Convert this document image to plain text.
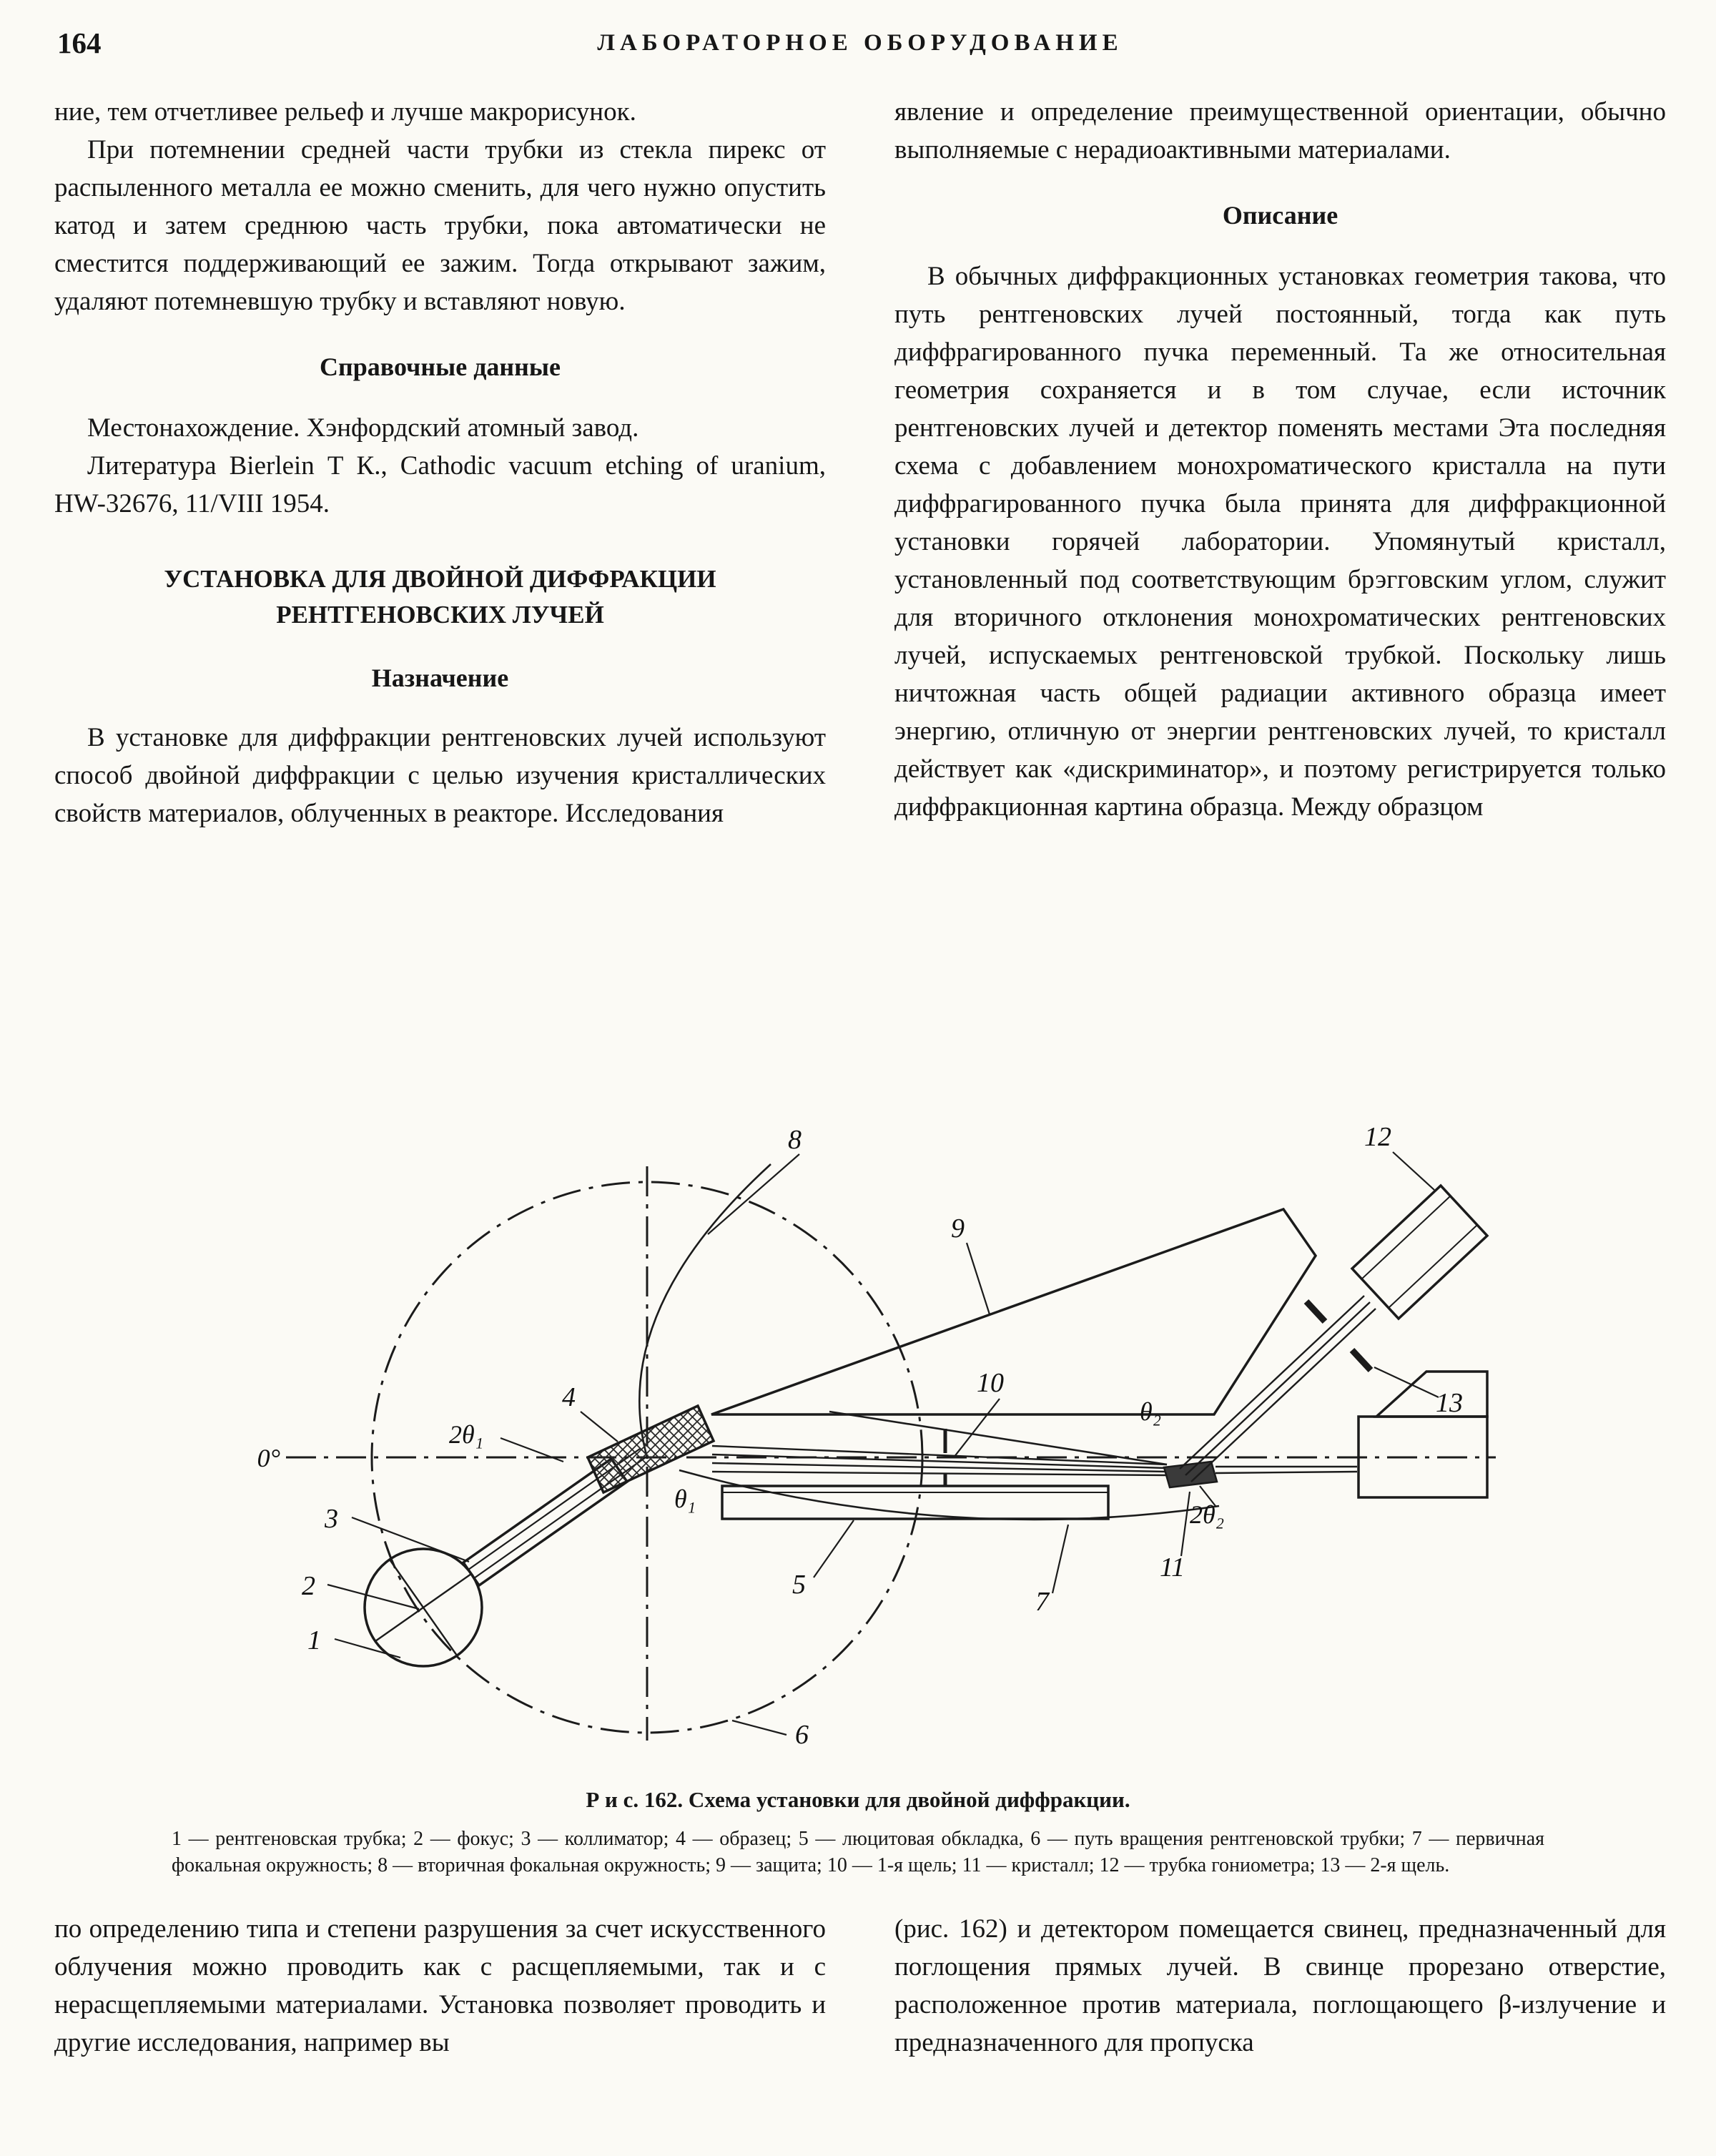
164	ЛАБОРАТОРНОЕ ОБОРУДОВАНИЕ

ние, тем отчетливее рельеф и лучше макрорисунок.

При потемнении средней части трубки из стекла пирекс от распыленного металла ее можно сменить, для чего нужно опустить катод и затем среднюю часть трубки, пока автоматически не сместится поддерживающий ее зажим. Тогда открывают зажим, удаляют потемневшую трубку и вставляют новую.

Справочные данные

Местонахождение. Хэнфордский атомный завод.

Литература Bierlein Т К., Cathodic vacuum etching of uranium, HW-32676, 11/VIII 1954.

УСТАНОВКА ДЛЯ ДВОЙНОЙ ДИФФРАКЦИИ
РЕНТГЕНОВСКИХ ЛУЧЕЙ
Назначение

В установке для диффракции рентгеновских лучей используют способ двойной диффракции с целью изучения кристаллических свойств материалов, облученных в реакторе. Исследования

явление и определение преимущественной ориентации, обычно выполняемые с нерадиоактивными материалами.

Описание

В обычных диффракционных установках геометрия такова, что путь рентгеновских лучей постоянный, тогда как путь диффрагированного пучка переменный. Та же относительная геометрия сохраняется и в том случае, если источник рентгеновских лучей и детектор поменять местами Эта последняя схема с добавлением монохроматического кристалла на пути диффрагированного пучка была принята для диффракционной установки горячей лаборатории. Упомянутый кристалл, установленный под соответствующим брэгговским углом, служит для вторичного отклонения монохроматических рентгеновских лучей, испускаемых рентгеновской трубкой. Поскольку лишь ничтожная часть общей радиации активного образца имеет энергию, отличную от энергии рентгеновских лучей, то кристалл действует как «дискриминатор», и поэтому регистрируется только диффракционная картина образца. Между образцом

0°
2θ₁
θ₁
θ₂
2θ₂
1
2
3
4
5
6
7
8
9
10
11
12
13
Р и с. 162. Схема установки для двойной диффракции.
1 — рентгеновская трубка; 2 — фокус; 3 — коллиматор; 4 — образец; 5 — люцитовая обкладка, 6 — путь вращения рентгеновской трубки; 7 — первичная фокальная окружность; 8 — вторичная фокальная окружность; 9 — защита; 10 — 1-я щель; 11 — кристалл; 12 — трубка гониометра; 13 — 2-я щель.

по определению типа и степени разрушения за счет искусственного облучения можно проводить как с расщепляемыми, так и с нерасщепляемыми материалами. Установка позволяет проводить и другие исследования, например вы

(рис. 162) и детектором помещается свинец, предназначенный для поглощения прямых лучей. В свинце прорезано отверстие, расположенное против материала, поглощающего β-излучение и предназначенного для пропуска
